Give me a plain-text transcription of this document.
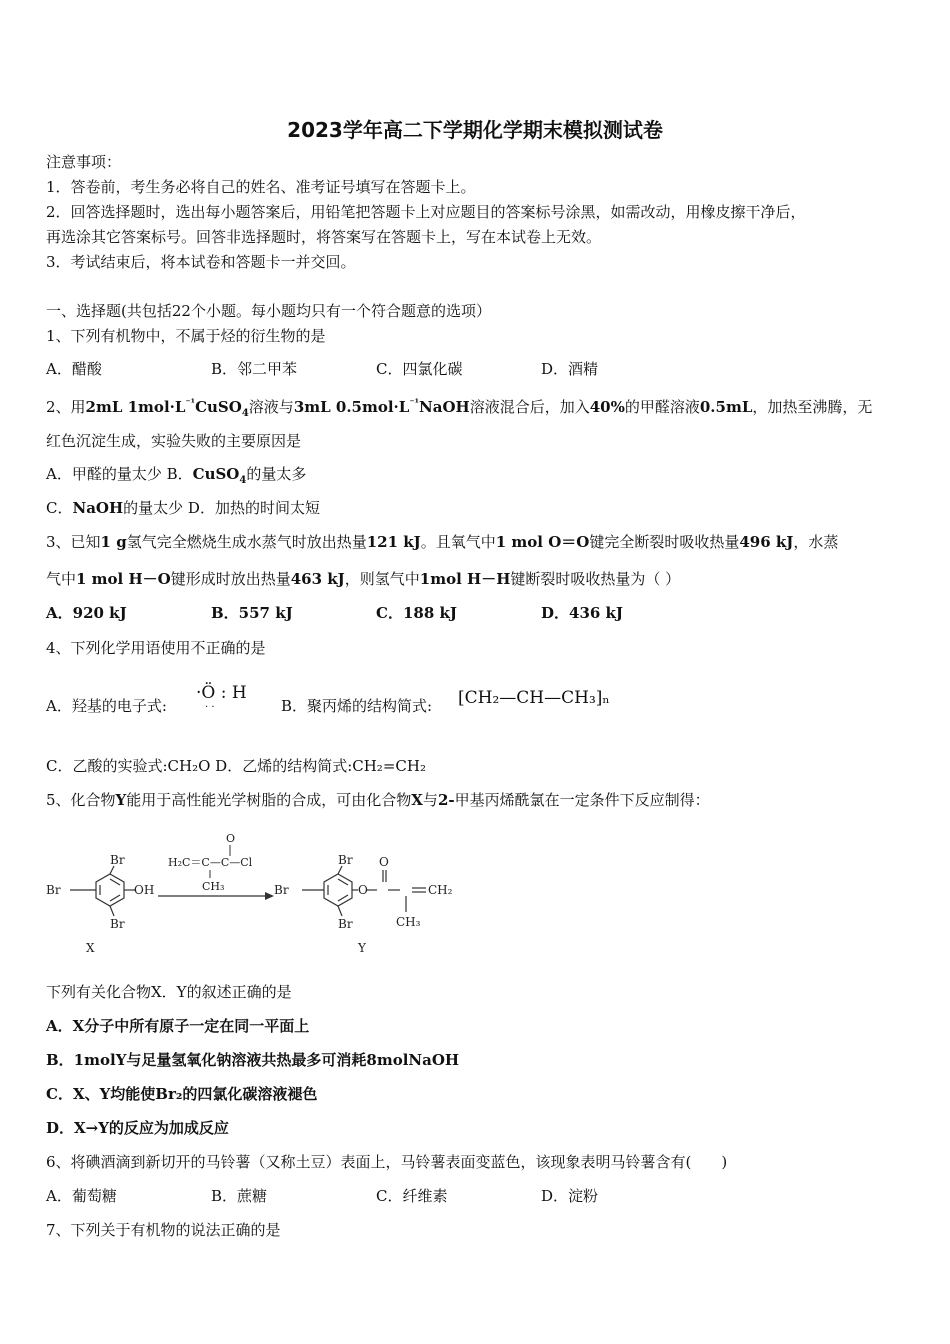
2023学年高二下学期化学期末模拟测试卷
注意事项：
1．答卷前，考生务必将自己的姓名、准考证号填写在答题卡上。
2．回答选择题时，选出每小题答案后，用铅笔把答题卡上对应题目的答案标号涂黑，如需改动，用橡皮擦干净后，
再选涂其它答案标号。回答非选择题时，将答案写在答题卡上，写在本试卷上无效。
3．考试结束后，将本试卷和答题卡一并交回。
一、选择题(共包括22个小题。每小题均只有一个符合题意的选项）
1、下列有机物中，不属于烃的衍生物的是
A．醋酸	B．邻二甲苯	C．四氯化碳	D．酒精
2、用2mL $1mol\cdot L^{^{-1}}CuSO_4$溶液与3mL $0.5mol\cdot L^{^{-1}}NaOH$溶液混合后，加入40%的甲醛溶液0.5mL，加热至沸腾，无
红色沉淀生成，实验失败的主要原因是
A．甲醛的量太少 B．CuSO$_4$的量太多
C．NaOH的量太少 D．加热的时间太短
3、已知1 g氢气完全燃烧生成水蒸气时放出热量121 kJ。且氧气中1 mol O＝O键完全断裂时吸收热量496 kJ，水蒸
气中1 mol H－O键形成时放出热量463 kJ，则氢气中1mol H－H键断裂时吸收热量为（ ）
A．920 kJ	B．557 kJ	C．188 kJ	D．436 kJ
4、下列化学用语使用不正确的是
A．羟基的电子式:
·Ö : H
· ·	B．聚丙烯的结构简式: [CH₂—CH—CH₃]ₙ
C．乙酸的实验式:CH₂O D．乙烯的结构简式:CH₂=CH₂
5、化合物Y能用于高性能光学树脂的合成，可由化合物X与2-甲基丙烯酰氯在一定条件下反应制得：
Br
Br
Br
OH
X
O
H₂C＝C—C—Cl
CH₃	Br
Br
Br
O
O
CH₂
CH₃
Y
下列有关化合物X．Y的叙述正确的是
A．X分子中所有原子一定在同一平面上
B．1molY与足量氢氧化钠溶液共热最多可消耗8molNaOH
C．X、Y均能使Br₂的四氯化碳溶液褪色
D．X→Y的反应为加成反应
6、将碘酒滴到新切开的马铃薯（又称土豆）表面上，马铃薯表面变蓝色，该现象表明马铃薯含有(　　)
A．葡萄糖	B．蔗糖	C．纤维素	D．淀粉
7、下列关于有机物的说法正确的是
